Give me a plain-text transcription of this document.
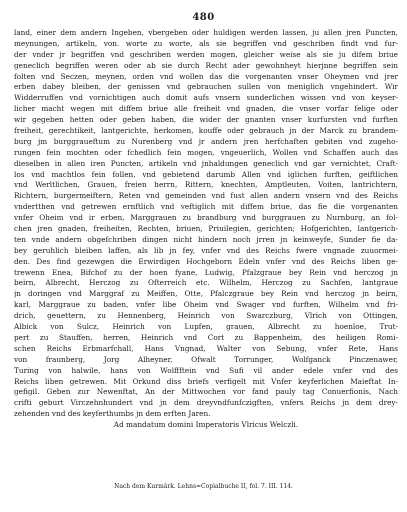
480
land, einer dem andern Ingeben, vbergeben oder huldigen werden lassen, ju allen jren Puncten,
meynungen, artikeln, von. worte zu worte, als sie begriffen vnd geschriben findt vnd fur-
der vnder jr begriffen vnd geschriben werden mogen, gleicher weise als sie ju difem briue
geneclich begriffen weren oder ab sie durch Recht ader gewohnheyt hierjnne begriffen sein
folten vnd Seczen, meynen, orden vnd wollen das die vorgenanten vnser Oheymen vnd jrer
erben dabey bleiben, der genissen vnd gebrauchen sullen von meniglich vngehindert. Wir
Widderruffen vnd vornichtigen auch domit aufs vnsern sunderlichen wissen vnd von keyser-
licher macht wegen mit diffem briue alle freiheit vnd gnaden, die vnser vorfar felige oder
wir gegeben hetten oder geben haben, die wider der gnanten vnser kurfursten vnd furften
freiheit, gerechtikeit, lantgerichte, herkomen, kouffe oder gebrauch jn der Marck zu brandem-
burg jm burggraueftum zu Nurenberg vnd jr andern jren herfchaften gebiten vnd zugeho-
rungen fein mochten oder fchedlich fein mogen, vngeuerlich, Wollen vnd Schaffen auch das
dieselben in allen iren Puncten, artikeln vnd jnhaldungen geneclich vnd gar vernichtet, Craft-
los vnd machtlos fein follen, vnd gebietend darumb Allen vnd iglichen furften, geiftlichen
vnd Werltlichen, Grauen, freien herrn, Rittern, knechten, Amptleuten, Voiten, lantrichtern,
Richtern, burgermeiftern, Reten vnd gemeinden vnd fust allen andern vnsern vnd des Reichs
vndertthen vnd getrewen ernftlich vnd veftiglich mit diffem briue, das fie die vorgenanten
vnfer Oheim vnd ir erben, Marggrauen zu brandburg vnd burggrauen zu Nurnburg, an fol-
chen jren gnaden, freiheiten, Rechten, briuen, Priuilegien, gerichten; Hofgerichten, lantgerich-
ten vnde andern obgefchriben dingen nicht hindern noch jrren jn keinweyfe, Sunder fie da-
bey geruhlich bleiben laffen, als lib jn fey, vnfer vnd des Reichs fwere vngnade zuuormei-
den. Des find gezewgen die Erwirdigen Hochgeborn Edeln vnfer vnd des Reichs liben ge-
trewenn Enea, Bifchof zu der hoen fyane, Ludwig, Pfalzgraue bey Rein vnd herczog jn
beirn, Albrecht, Herczog zu Ofterreich etc. Wilhelm, Herczog zu Sachfen, lantgraue
jn doringen vnd Marggraf zu Meiffen, Otte, Pfalczgraue bey Rein vnd herczog jn beirn,
karl, Marggraue zu baden, vnfer libe Oheim vnd Swager vnd furften, Wilhelm vnd fri-
drich, geuettern, zu Hennenberg, Heinrich von Swarczburg, Vlrich von Ottingen,
Albick von Sulcz, Heinrich von Lupfen, grauen, Albrecht zu hoenloe, Trut-
pert zu Stauffen, herren, Heinrich vnd Cort zu Bappenheim, des heiligen Romi-
schen Reichs Erbmarfchall, Hans Vngnad, Walter von Sebung, vnfer Rete, Hans
von fraunberg, Jorg Alheyner, Ofwalt Torrunger, Wolfganck Pinczenawer,
Turing von halwile, hans von Wolffftein vnd Sufi vil ander edele vnfer vnd des
Reichs liben getrewen. Mit Orkund diss briefs verfigelt mit Vnfer keyferlichen Maieftat In-
gefigil. Geben zur Newenftat, An der Mittwochen vor fand pauly tag Conuerfionis, Nach
crifti geburt Virczehnhundert vnd jn dem dreyvndfunfczigften, vnfers Reichs jn dem drey-
zehenden vnd des keyferthumbs jn dem erften Jaren.
Ad mandatum domini Imperatoris Vlricus Welczli.
Nach dem Kurmärk. Lehns=Copialbuche II, fol. 7. III. 114.
